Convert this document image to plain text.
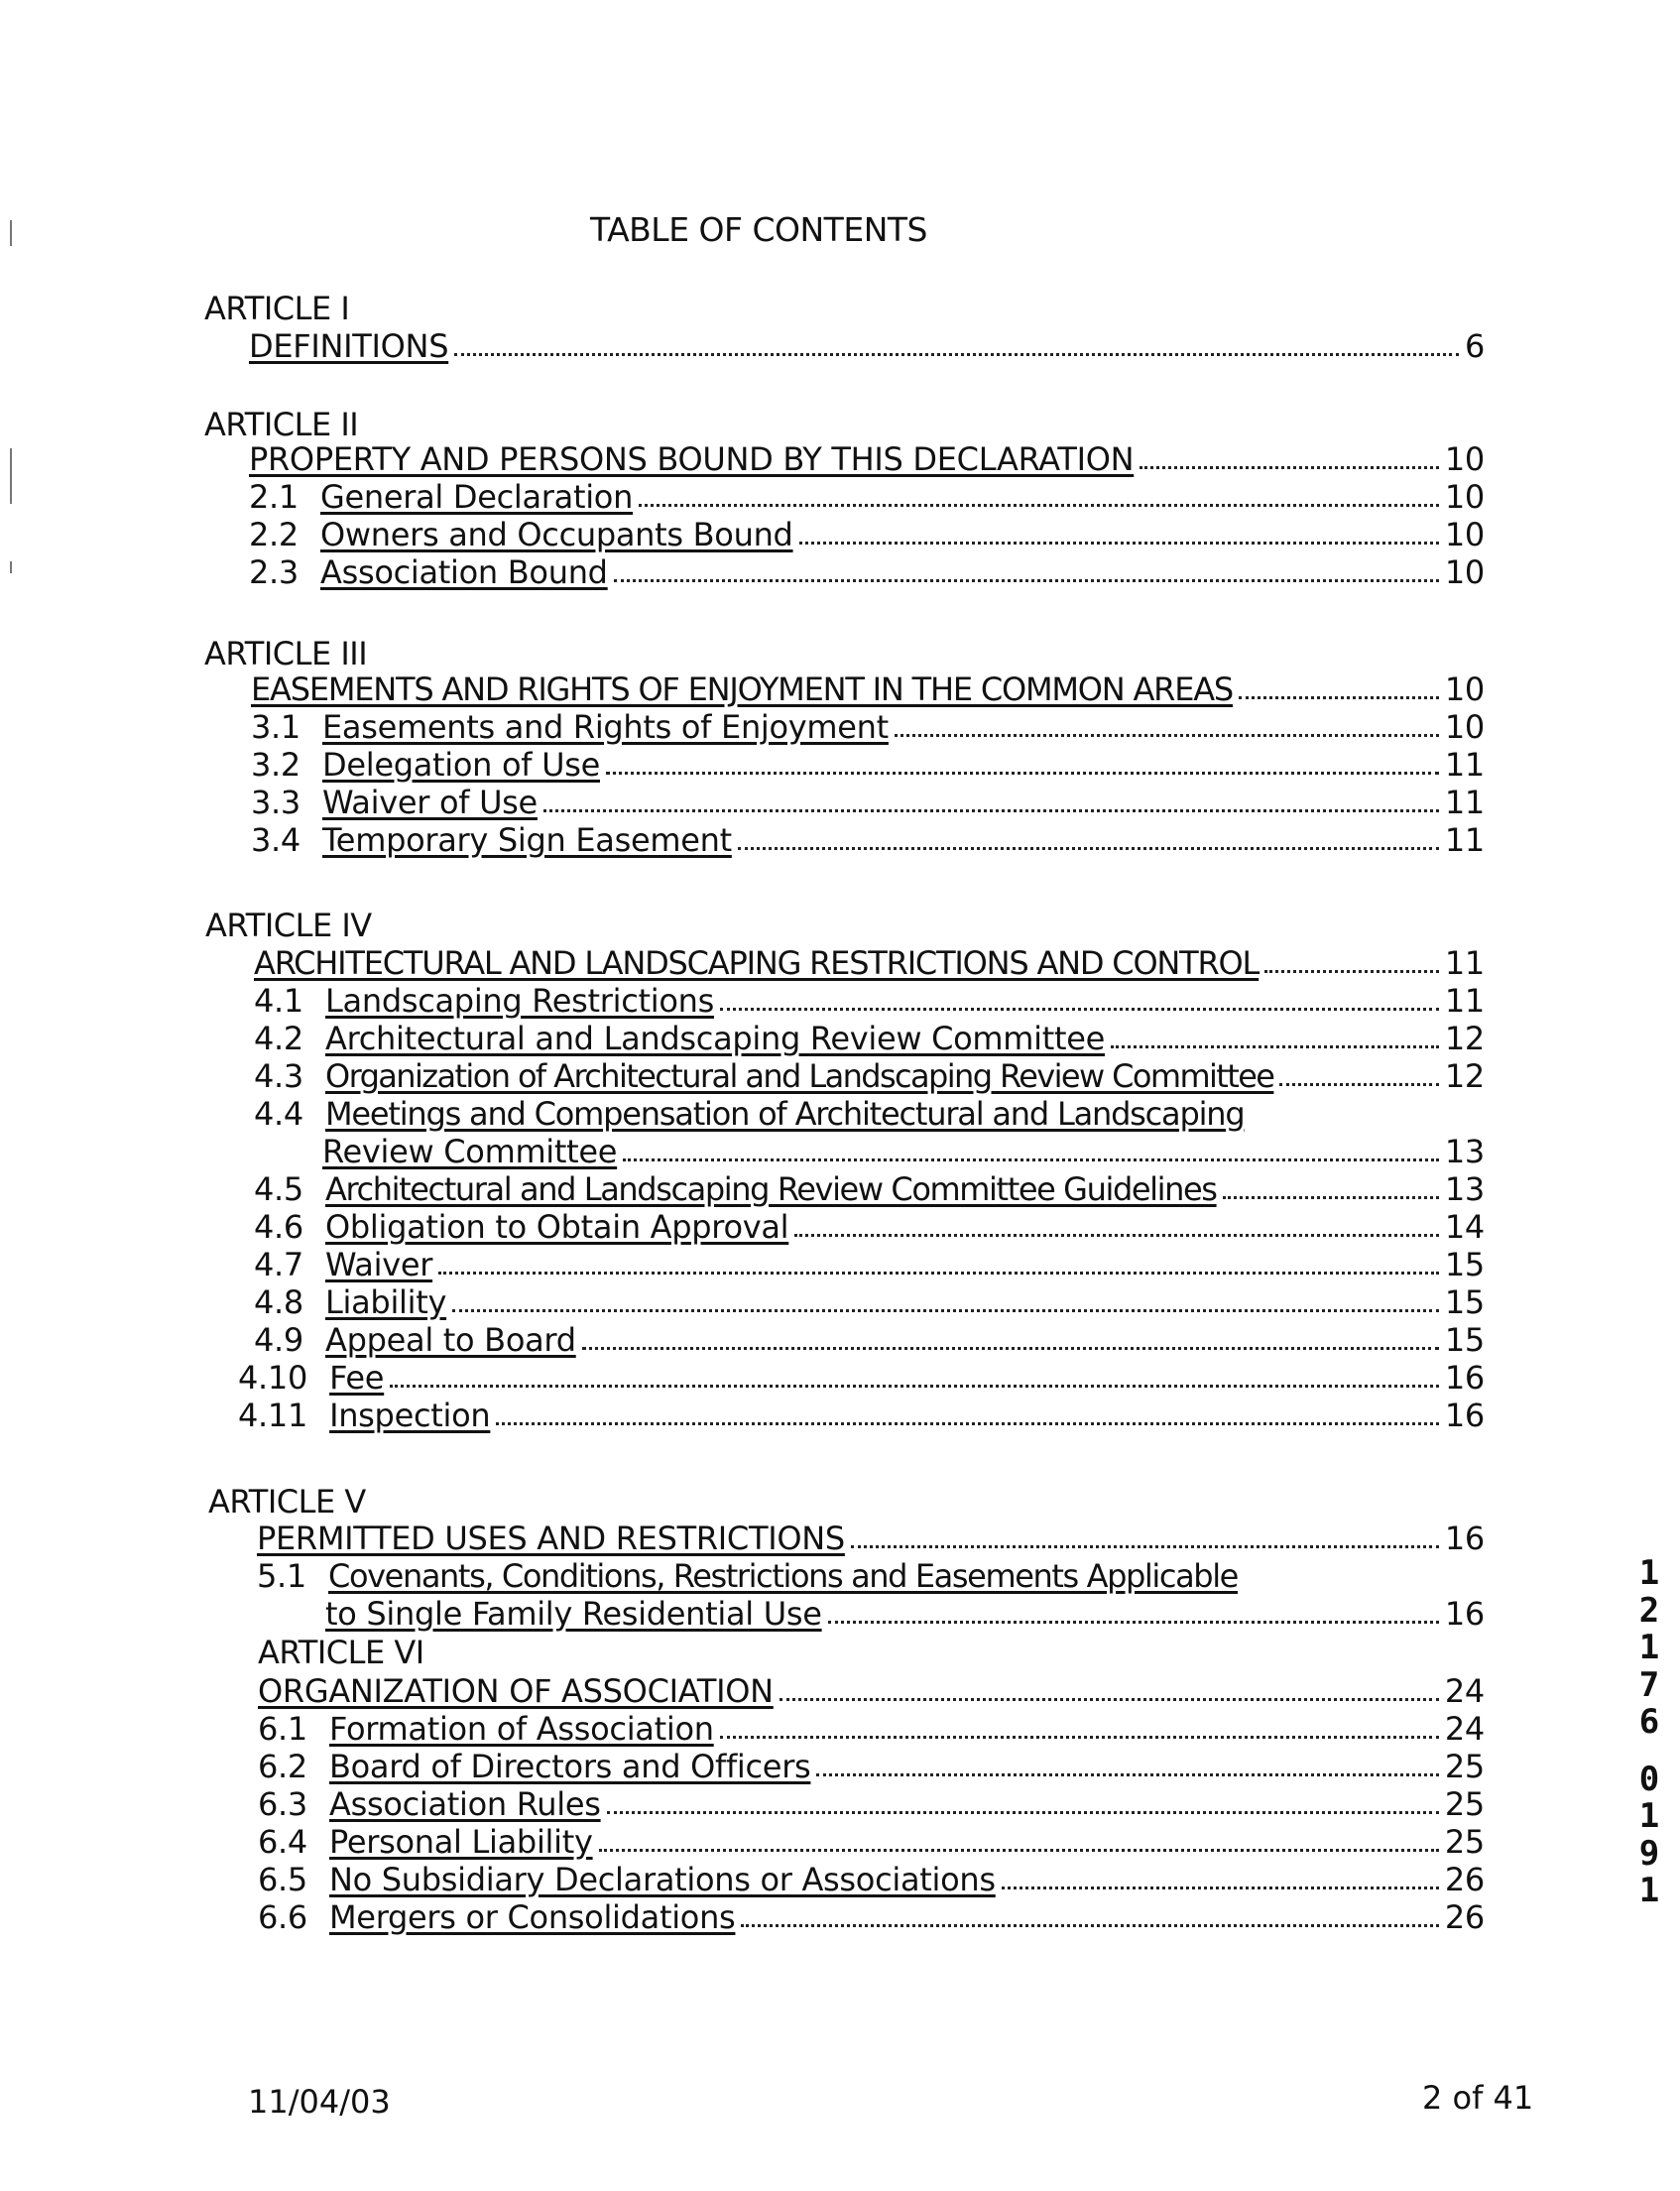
TABLE OF CONTENTS
ARTICLE I
DEFINITIONS	6
ARTICLE II
PROPERTY AND PERSONS BOUND BY THIS DECLARATION	10
2.1 General Declaration	10
2.2 Owners and Occupants Bound	10
2.3 Association Bound	10
ARTICLE III
EASEMENTS AND RIGHTS OF ENJOYMENT IN THE COMMON AREAS	10
3.1 Easements and Rights of Enjoyment	10
3.2 Delegation of Use	11
3.3 Waiver of Use	11
3.4 Temporary Sign Easement	11
ARTICLE IV
ARCHITECTURAL AND LANDSCAPING RESTRICTIONS AND CONTROL	11
4.1 Landscaping Restrictions	11
4.2 Architectural and Landscaping Review Committee	12
4.3 Organization of Architectural and Landscaping Review Committee	12
4.4 Meetings and Compensation of Architectural and Landscaping
Review Committee	13
4.5 Architectural and Landscaping Review Committee Guidelines	13
4.6 Obligation to Obtain Approval	14
4.7 Waiver	15
4.8 Liability	15
4.9 Appeal to Board	15
4.10 Fee	16
4.11 Inspection	16
ARTICLE V
PERMITTED USES AND RESTRICTIONS	16
5.1 Covenants, Conditions, Restrictions and Easements Applicable
to Single Family Residential Use	16
ARTICLE VI
ORGANIZATION OF ASSOCIATION	24
6.1 Formation of Association	24
6.2 Board of Directors and Officers	25
6.3 Association Rules	25
6.4 Personal Liability	25
6.5 No Subsidiary Declarations or Associations	26
6.6 Mergers or Consolidations	26
11/04/03	2 of 41
1
2
1
7
6
0
1
9
1
